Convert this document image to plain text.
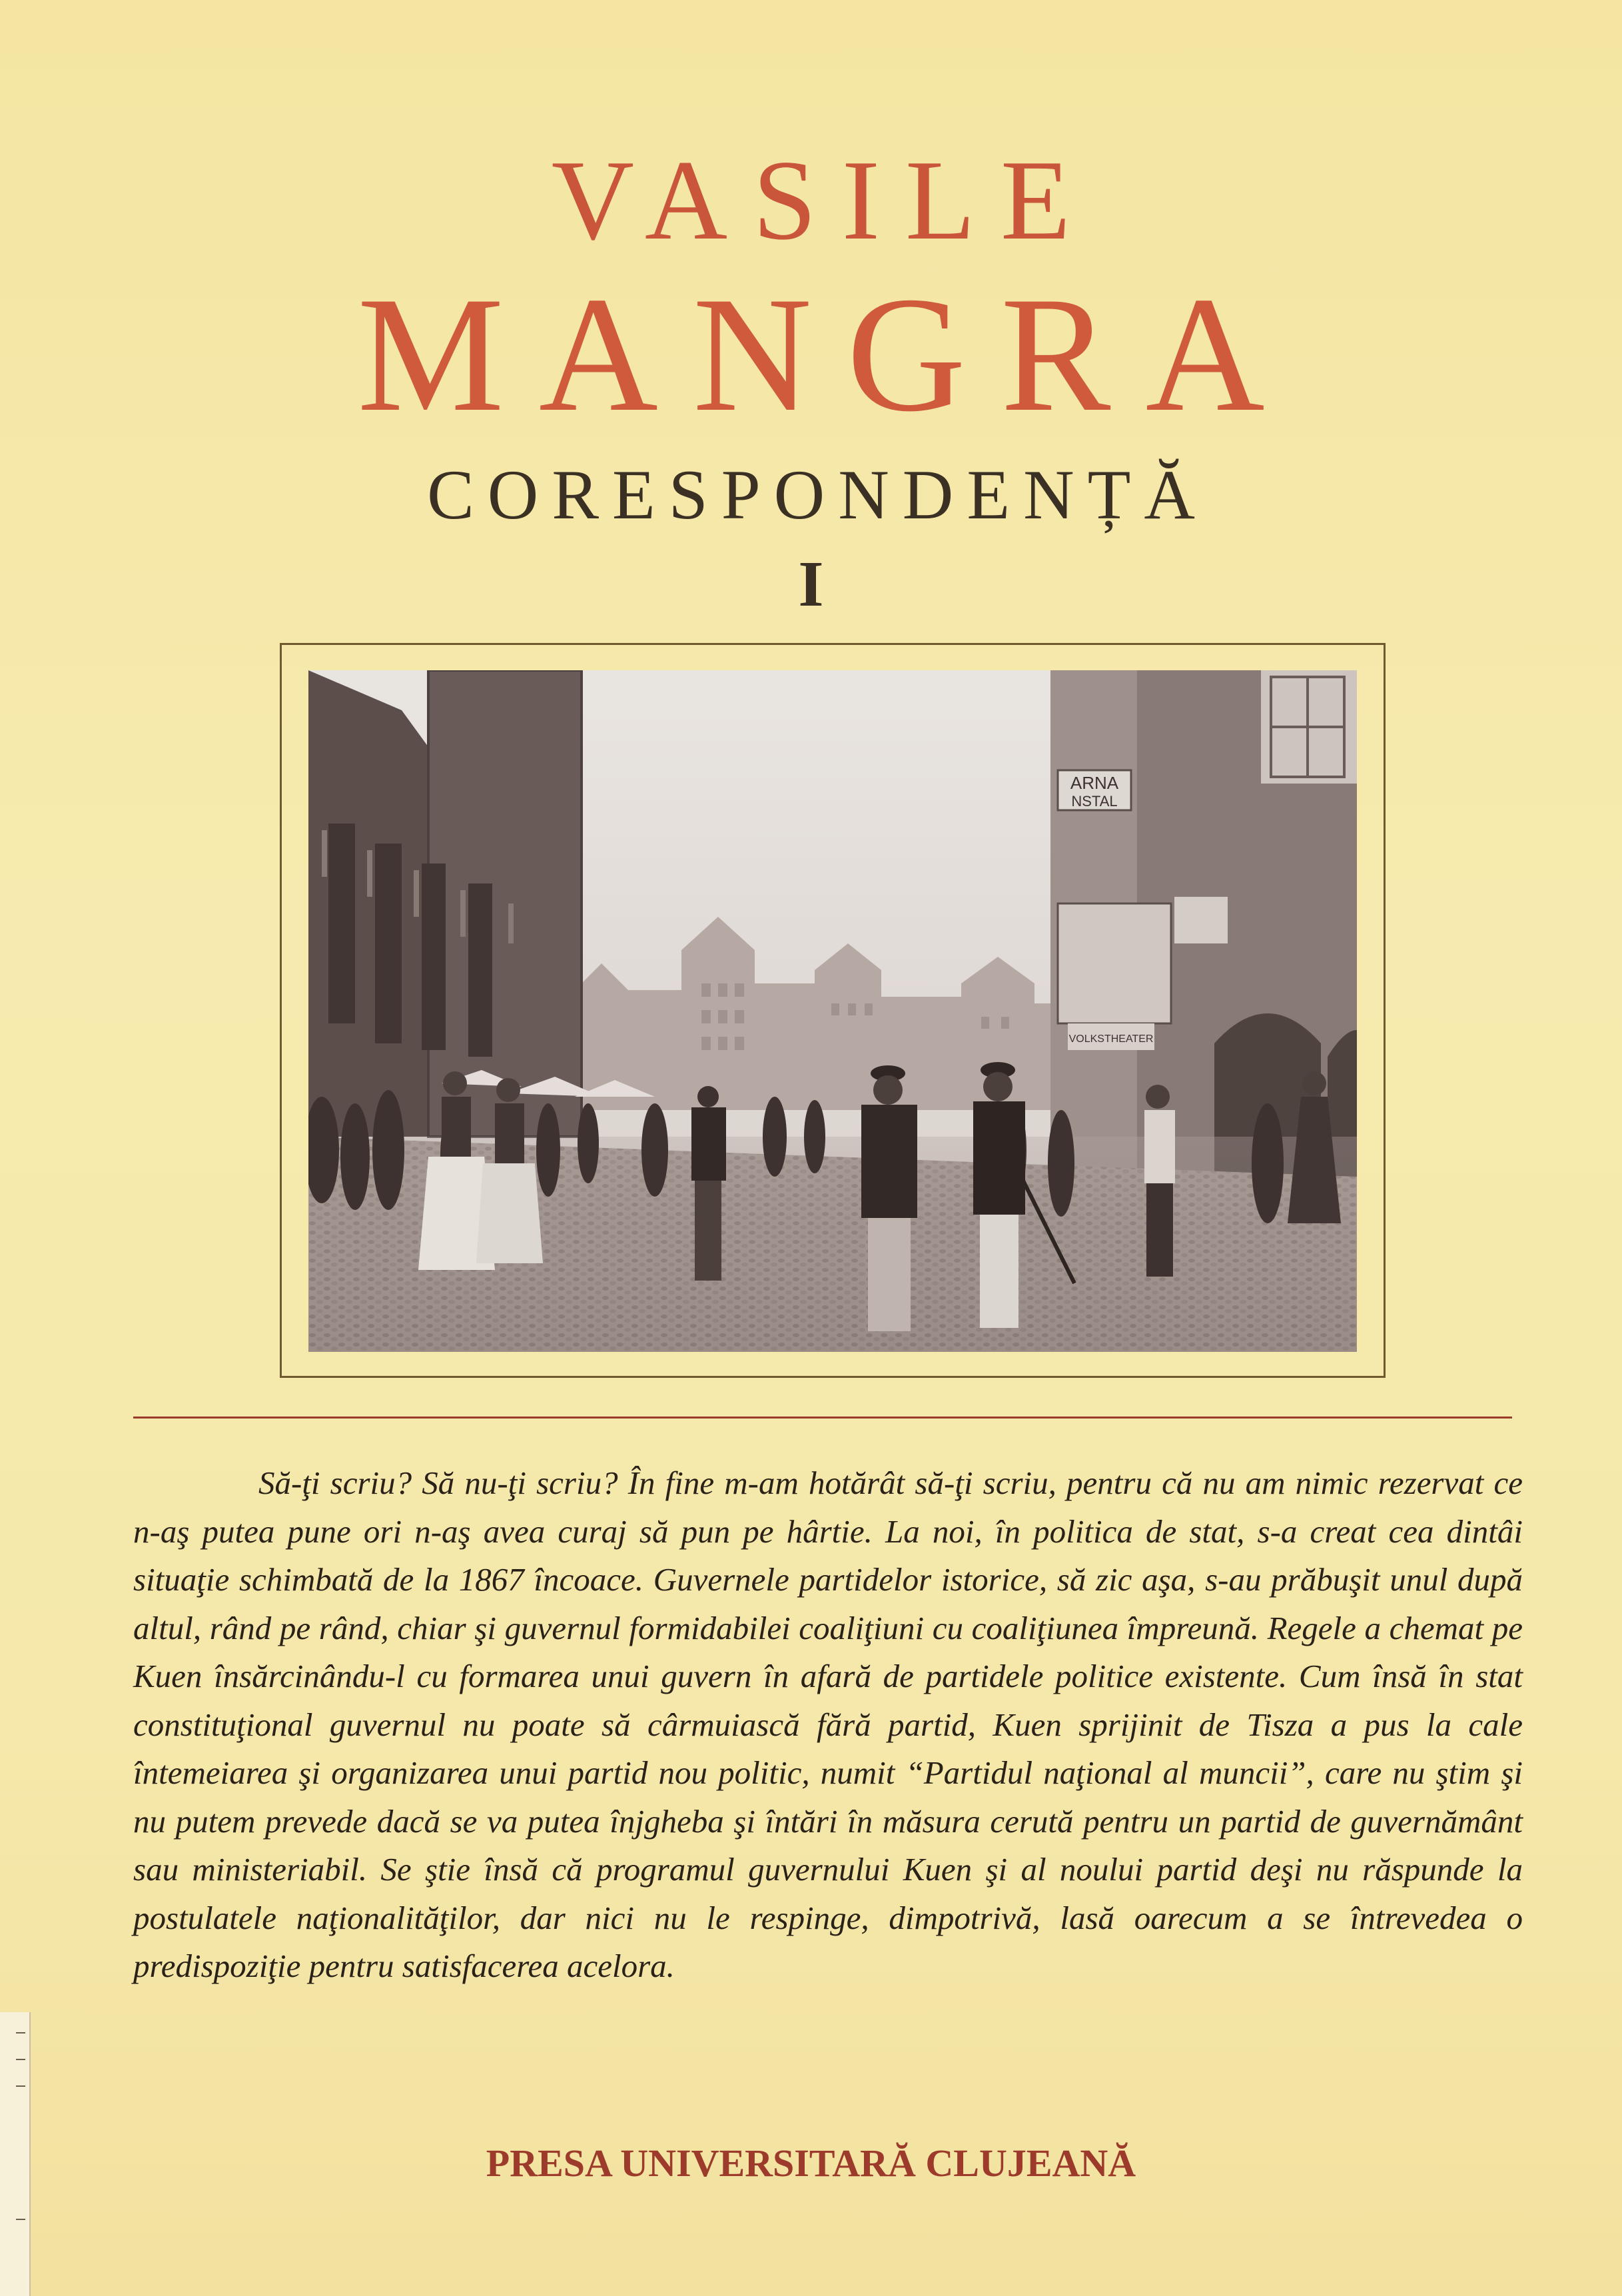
VASILE
MANGRA
CORESPONDENȚĂ
I
ARNA
NSTAL
VOLKSTHEATER

Să-ţi scriu? Să nu-ţi scriu? În fine m-am hotărât să-ţi scriu, pentru că nu am nimic rezervat ce n-aş putea pune ori n-aş avea curaj să pun pe hârtie. La noi, în politica de stat, s-a creat cea dintâi situaţie schimbată de la 1867 încoace. Guvernele partidelor istorice, să zic aşa, s-au prăbuşit unul după altul, rând pe rând, chiar şi guvernul formidabilei coaliţiuni cu coaliţiunea împreună. Regele a chemat pe Kuen însărcinându-l cu formarea unui guvern în afară de partidele politice existente. Cum însă în stat constituţional guvernul nu poate să cârmuiască fără partid, Kuen sprijinit de Tisza a pus la cale întemeiarea şi organizarea unui partid nou politic, numit “Partidul naţional al muncii”, care nu ştim şi nu putem prevede dacă se va putea înjgheba şi întări în măsura cerută pentru un partid de guvernământ sau ministeriabil. Se ştie însă că programul guvernului Kuen şi al noului partid deşi nu răspunde la postulatele naţionalităţilor, dar nici nu le respinge, dimpotrivă, lasă oarecum a se întrevedea o predispoziţie pentru satisfacerea acelora.

PRESA UNIVERSITARĂ CLUJEANĂ
